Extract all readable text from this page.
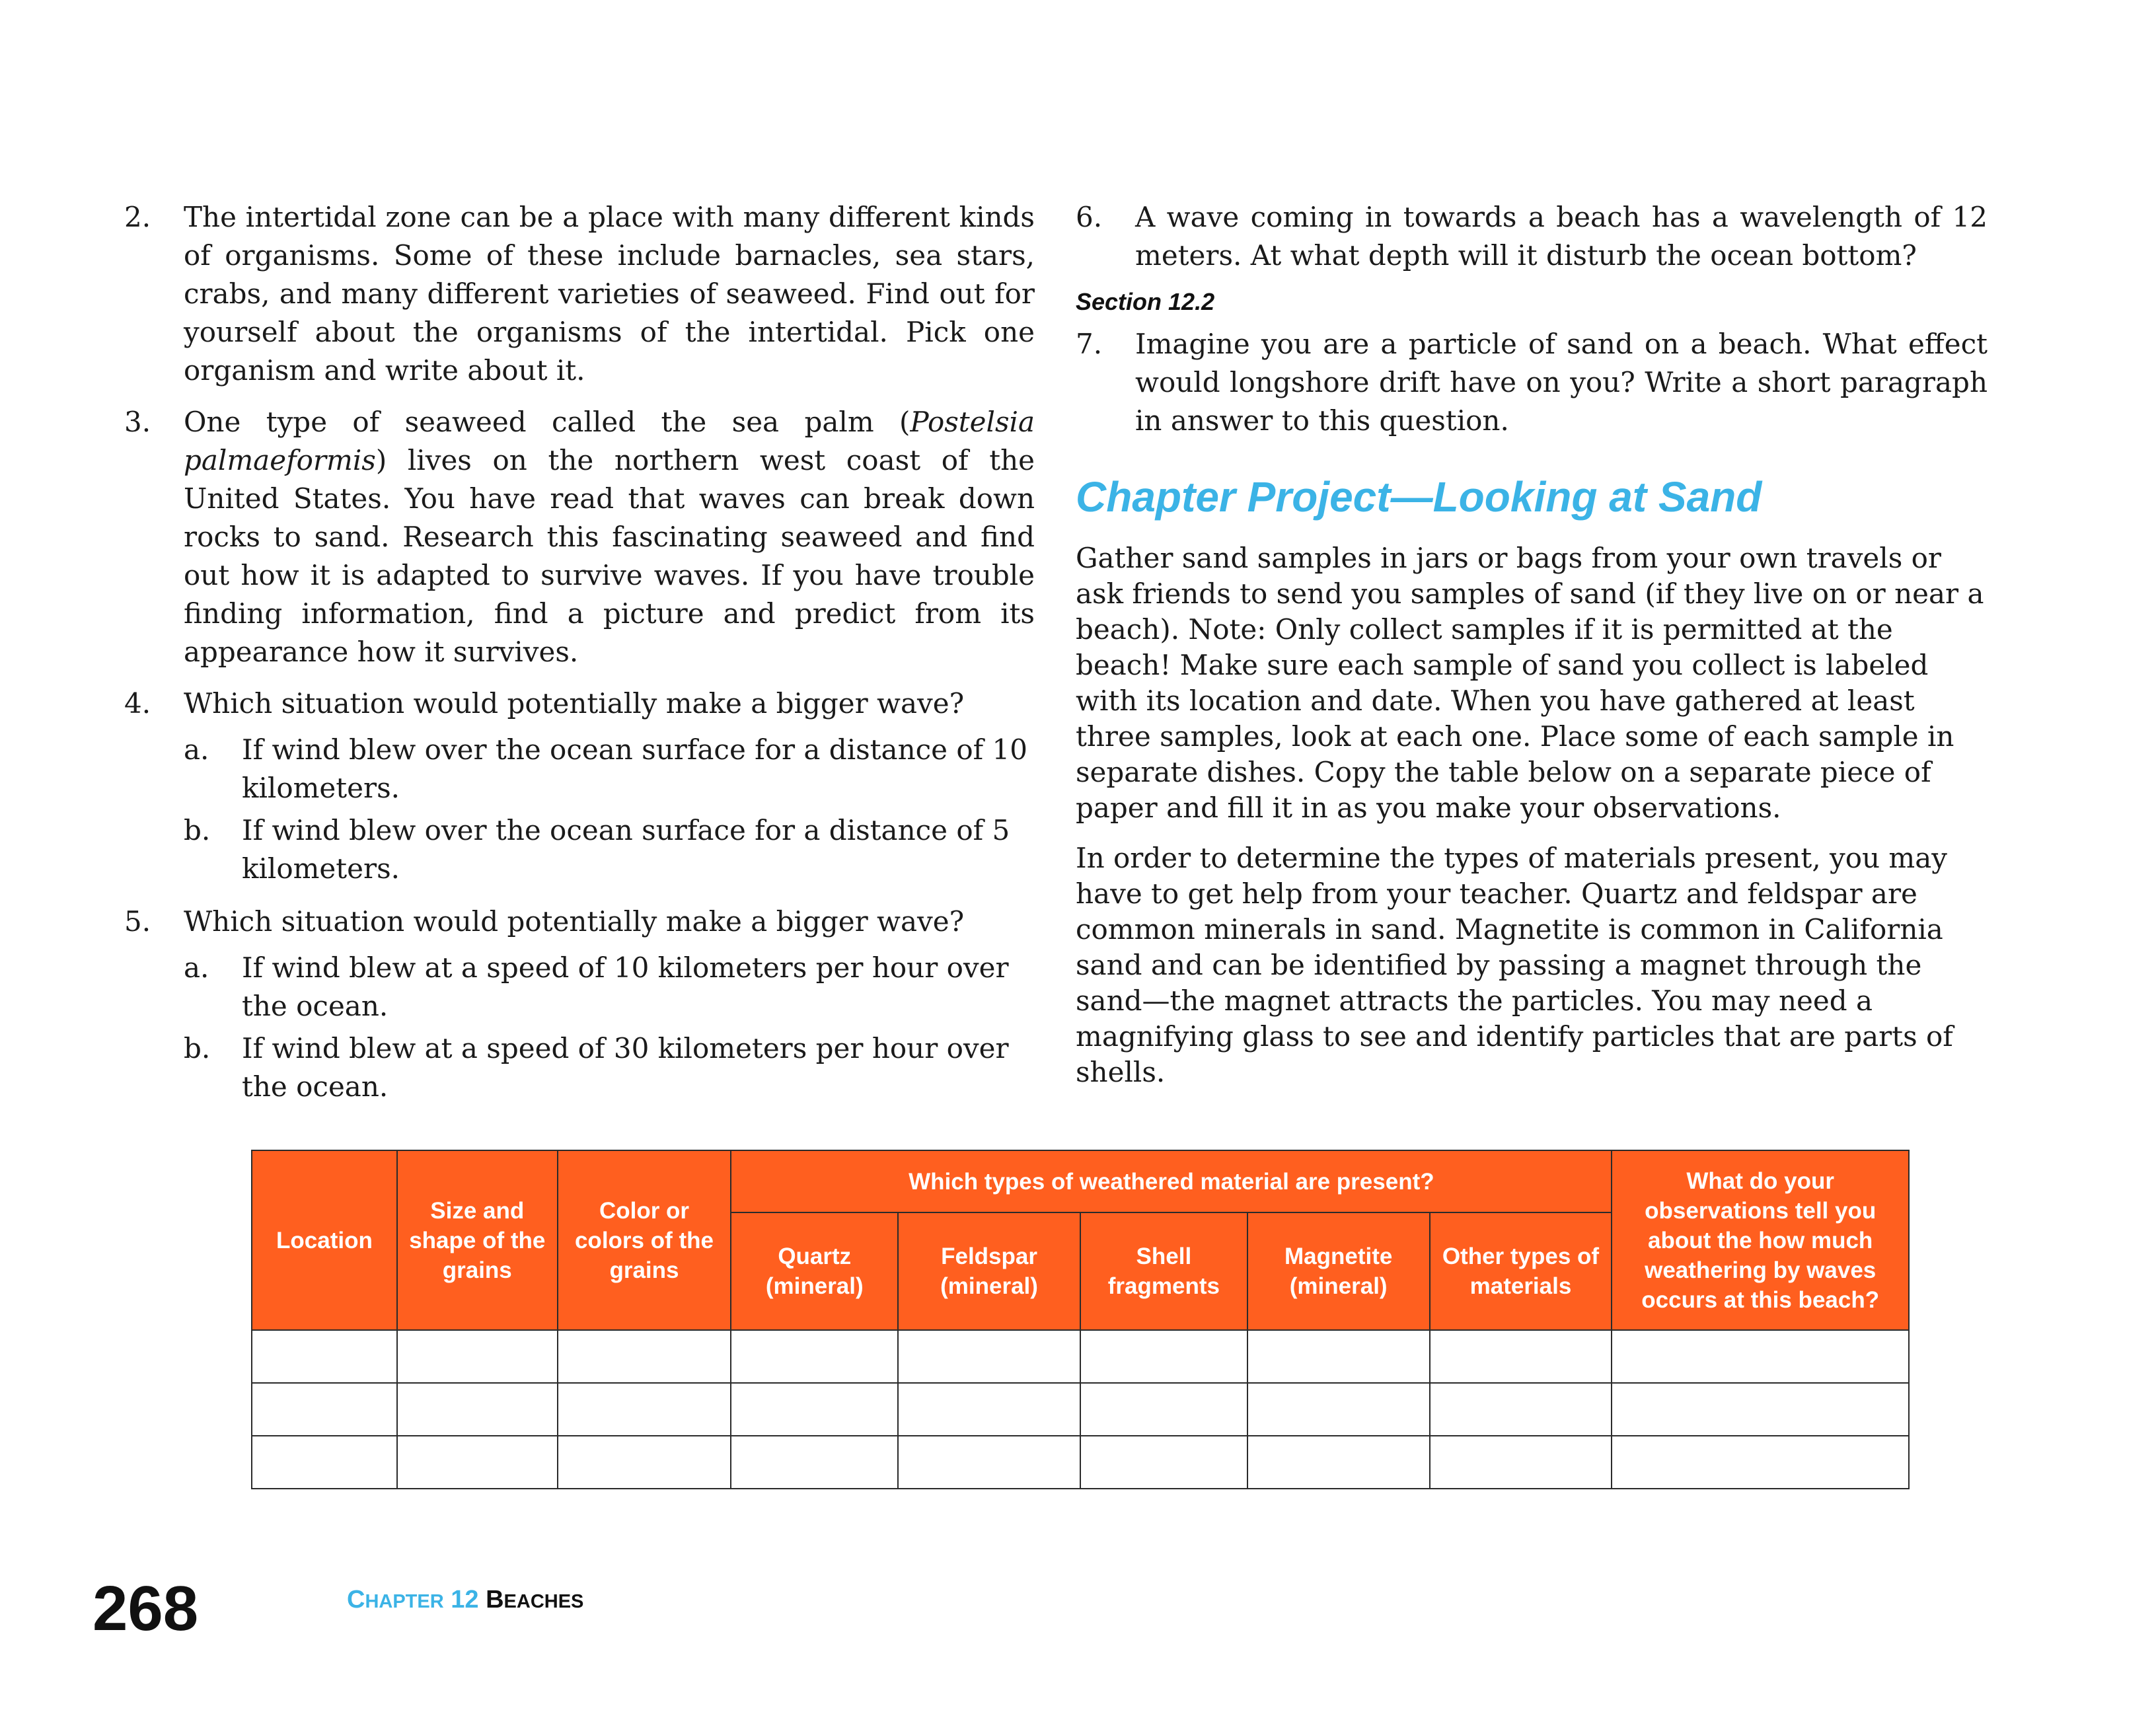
2. The intertidal zone can be a place with many different kinds of organisms. Some of these include barnacles, sea stars, crabs, and many different varieties of seaweed. Find out for yourself about the organisms of the intertidal. Pick one organism and write about it.
3. One type of seaweed called the sea palm (Postelsia palmaeformis) lives on the northern west coast of the United States. You have read that waves can break down rocks to sand. Research this fascinating seaweed and find out how it is adapted to survive waves. If you have trouble finding information, find a picture and predict from its appearance how it survives.
4. Which situation would potentially make a bigger wave?
a. If wind blew over the ocean surface for a distance of 10 kilometers.
b. If wind blew over the ocean surface for a distance of 5 kilometers.
5. Which situation would potentially make a bigger wave?
a. If wind blew at a speed of 10 kilometers per hour over the ocean.
b. If wind blew at a speed of 30 kilometers per hour over the ocean.
6. A wave coming in towards a beach has a wavelength of 12 meters. At what depth will it disturb the ocean bottom?
Section 12.2
7. Imagine you are a particle of sand on a beach. What effect would longshore drift have on you? Write a short paragraph in answer to this question.
Chapter Project—Looking at Sand
Gather sand samples in jars or bags from your own travels or ask friends to send you samples of sand (if they live on or near a beach). Note: Only collect samples if it is permitted at the beach! Make sure each sample of sand you collect is labeled with its location and date. When you have gathered at least three samples, look at each one. Place some of each sample in separate dishes. Copy the table below on a separate piece of paper and fill it in as you make your observations.
In order to determine the types of materials present, you may have to get help from your teacher. Quartz and feldspar are common minerals in sand. Magnetite is common in California sand and can be identified by passing a magnet through the sand—the magnet attracts the particles. You may need a magnifying glass to see and identify particles that are parts of shells.
Location	Size and shape of the grains	Color or colors of the grains	Which types of weathered material are present?					What do your observations tell you about the how much weathering by waves occurs at this beach?
			Quartz (mineral)	Feldspar (mineral)	Shell fragments	Magnetite (mineral)	Other types of materials	

268	CHAPTER 12 BEACHES
